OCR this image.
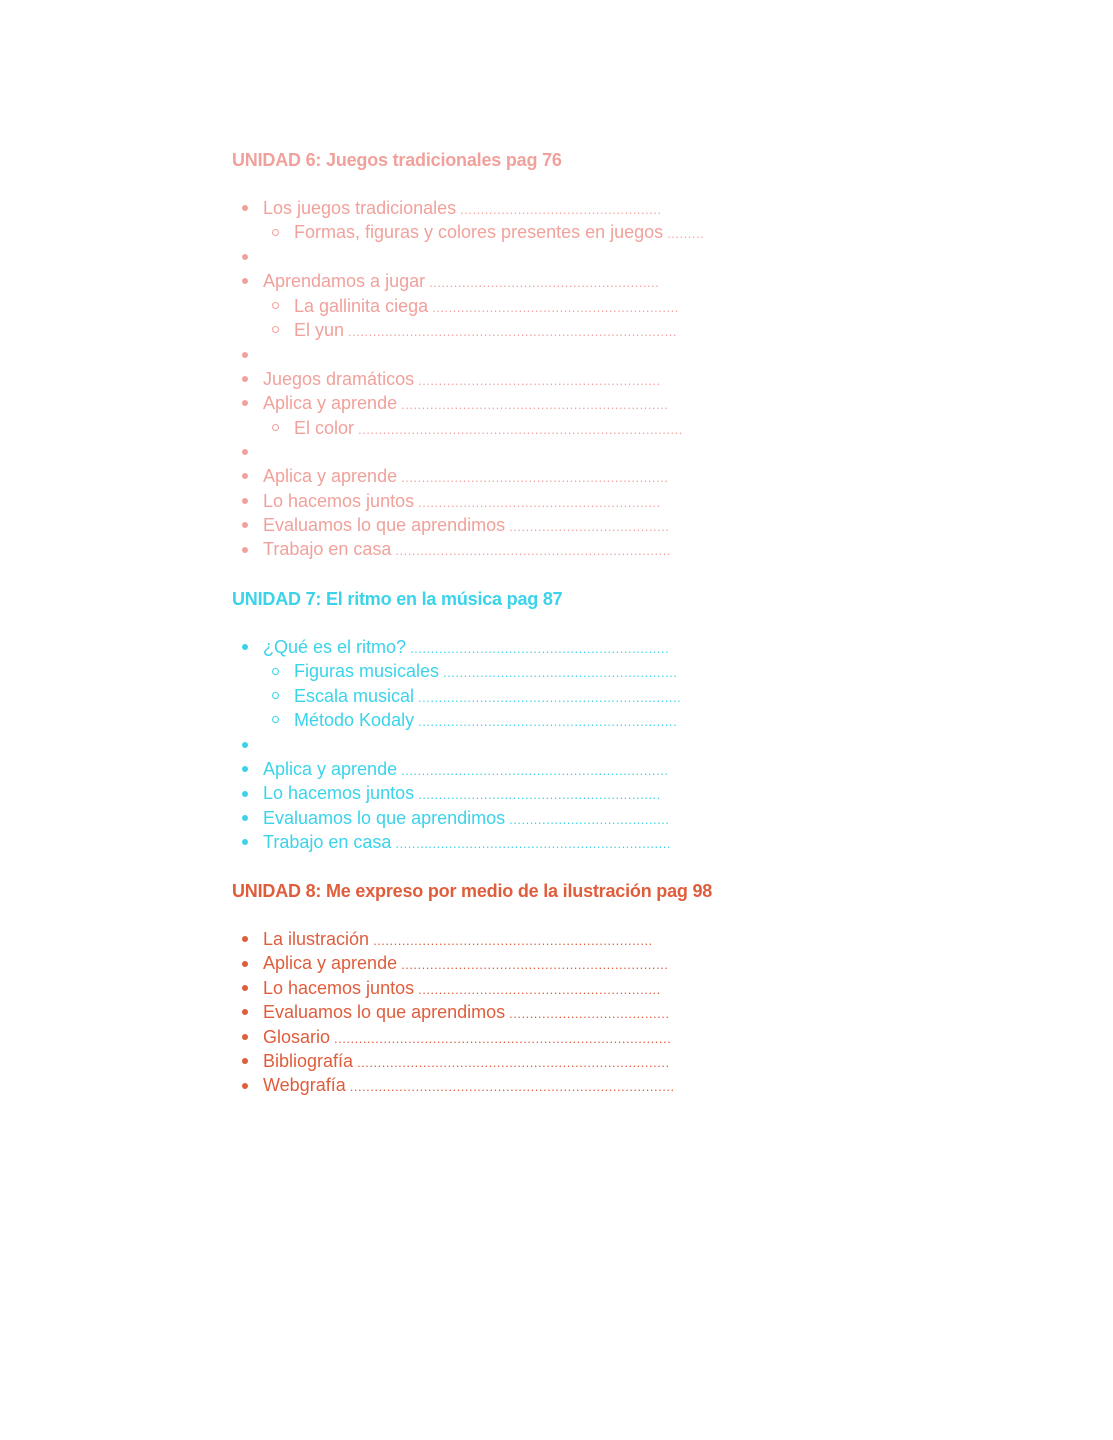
UNIDAD 6: Juegos tradicionales pag 76
Los juegos tradicionales .................................................
Formas, figuras y colores presentes en juegos .........
Aprendamos a jugar ........................................................
La gallinita ciega ............................................................
El yun ................................................................................
Juegos dramáticos ...........................................................
Aplica y aprende .................................................................
El color ...............................................................................
Aplica y aprende .................................................................
Lo hacemos juntos ...........................................................
Evaluamos lo que aprendimos .......................................
Trabajo en casa ...................................................................
UNIDAD 7: El ritmo en la música pag 87
¿Qué es el ritmo? ...............................................................
Figuras musicales .........................................................
Escala musical ................................................................
Método Kodaly ...............................................................
Aplica y aprende .................................................................
Lo hacemos juntos ...........................................................
Evaluamos lo que aprendimos .......................................
Trabajo en casa ...................................................................
UNIDAD 8: Me expreso por medio de la ilustración pag 98
La ilustración ....................................................................
Aplica y aprende .................................................................
Lo hacemos juntos ...........................................................
Evaluamos lo que aprendimos .......................................
Glosario ..................................................................................
Bibliografía ............................................................................
Webgrafía ...............................................................................
